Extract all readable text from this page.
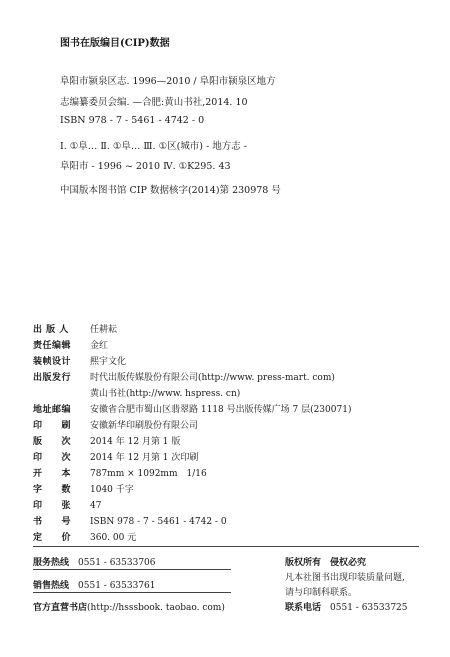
图书在版编目(CIP)数据
阜阳市颍泉区志. 1996—2010 / 阜阳市颍泉区地方
志编纂委员会编. —合肥:黄山书社,2014. 10
ISBN 978 - 7 - 5461 - 4742 - 0
Ⅰ. ①阜… Ⅱ. ①阜… Ⅲ. ①区(城市) - 地方志 -
阜阳市 - 1996 ~ 2010 Ⅳ. ①K295. 43
中国版本图书馆 CIP 数据核字(2014)第 230978 号
出 版 人 任耕耘
责任编辑 金红
装帧设计 熙宇文化
出版发行 时代出版传媒股份有限公司(http://www. press-mart. com)
黄山书社(http://www. hspress. cn)
地址邮编 安徽省合肥市蜀山区翡翠路 1118 号出版传媒广场 7 层(230071)
印　　刷 安徽新华印刷股份有限公司
版　　次 2014 年 12 月第 1 版
印　　次 2014 年 12 月第 1 次印刷
开　　本 787mm × 1092mm　1/16
字　　数 1040 千字
印　　张 47
书　　号 ISBN 978 - 7 - 5461 - 4742 - 0
定　　价 360. 00 元
服务热线　 0551 - 63533706
销售热线　 0551 - 63533761
官方直营书店(http://hsssbook. taobao. com)
版权所有　侵权必究
凡本社图书出现印装质量问题,
请与印制科联系。
联系电话　 0551 - 63533725
